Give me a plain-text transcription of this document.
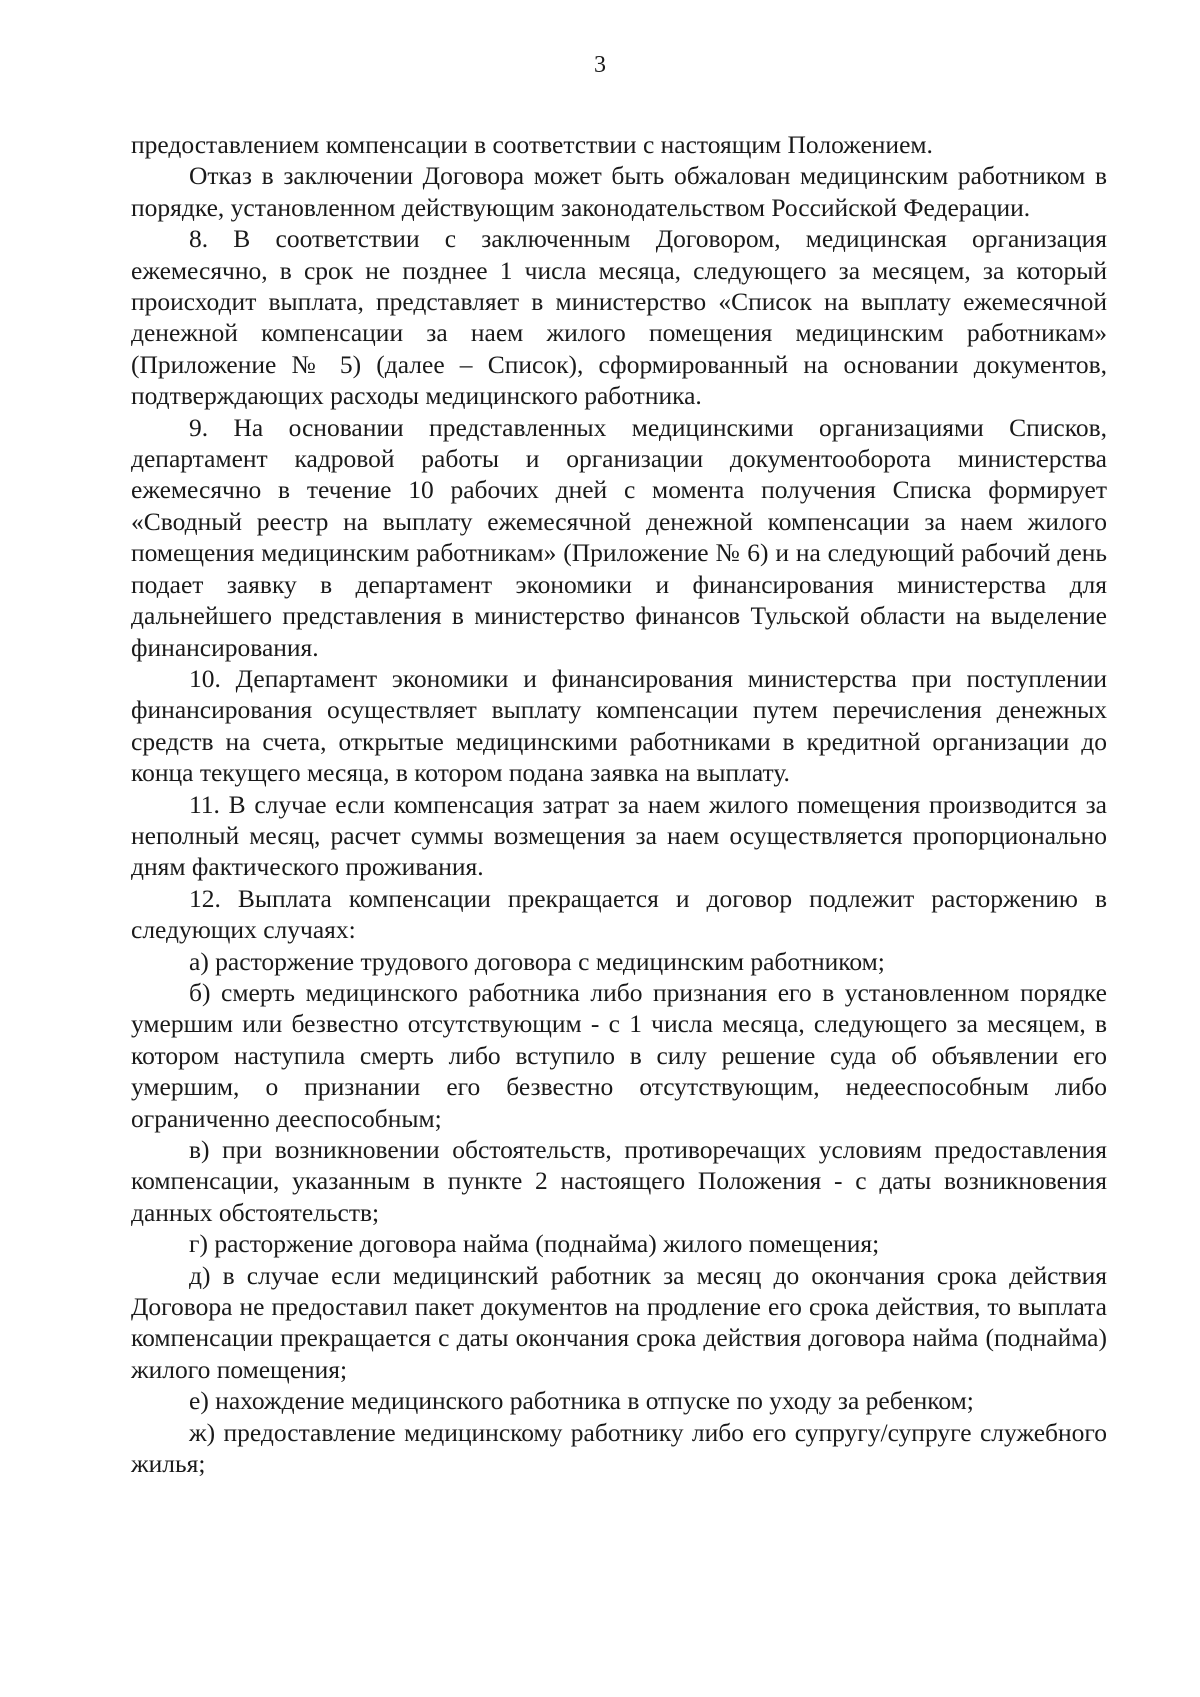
3

предоставлением компенсации в соответствии с настоящим Положением.

Отказ в заключении Договора может быть обжалован медицинским работником в порядке, установленном действующим законодательством Российской Федерации.

8. В соответствии с заключенным Договором, медицинская организация ежемесячно, в срок не позднее 1 числа месяца, следующего за месяцем, за который происходит выплата, представляет в министерство «Список на выплату ежемесячной денежной компенсации за наем жилого помещения медицинским работникам» (Приложение № 5) (далее – Список), сформированный на основании документов, подтверждающих расходы медицинского работника.

9. На основании представленных медицинскими организациями Списков, департамент кадровой работы и организации документооборота министерства ежемесячно в течение 10 рабочих дней с момента получения Списка формирует «Сводный реестр на выплату ежемесячной денежной компенсации за наем жилого помещения медицинским работникам» (Приложение № 6) и на следующий рабочий день подает заявку в департамент экономики и финансирования министерства для дальнейшего представления в министерство финансов Тульской области на выделение финансирования.

10. Департамент экономики и финансирования министерства при поступлении финансирования осуществляет выплату компенсации путем перечисления денежных средств на счета, открытые медицинскими работниками в кредитной организации до конца текущего месяца, в котором подана заявка на выплату.

11. В случае если компенсация затрат за наем жилого помещения производится за неполный месяц, расчет суммы возмещения за наем осуществляется пропорционально дням фактического проживания.

12. Выплата компенсации прекращается и договор подлежит расторжению в следующих случаях:

а) расторжение трудового договора с медицинским работником;

б) смерть медицинского работника либо признания его в установленном порядке умершим или безвестно отсутствующим - с 1 числа месяца, следующего за месяцем, в котором наступила смерть либо вступило в силу решение суда об объявлении его умершим, о признании его безвестно отсутствующим, недееспособным либо ограниченно дееспособным;

в) при возникновении обстоятельств, противоречащих условиям предоставления компенсации, указанным в пункте 2 настоящего Положения - с даты возникновения данных обстоятельств;

г) расторжение договора найма (поднайма) жилого помещения;

д) в случае если медицинский работник за месяц до окончания срока действия Договора не предоставил пакет документов на продление его срока действия, то выплата компенсации прекращается с даты окончания срока действия договора найма (поднайма) жилого помещения;

е) нахождение медицинского работника в отпуске по уходу за ребенком;

ж) предоставление медицинскому работнику либо его супругу/супруге служебного жилья;
